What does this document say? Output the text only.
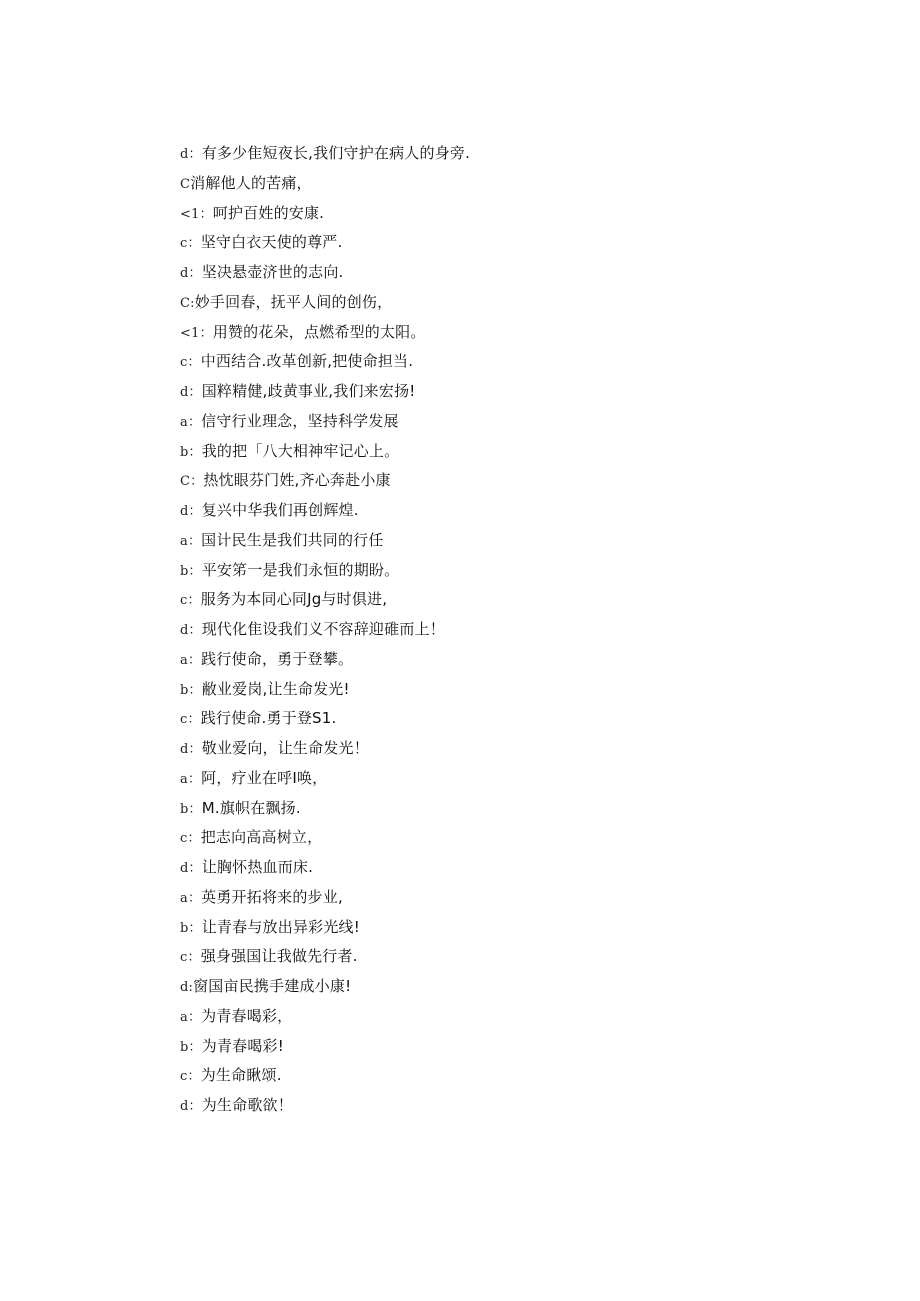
d：有多少隹短夜长,我们守护在病人的身旁.
C消解他人的苦痛，
<1：呵护百姓的安康.
c：坚守白衣天使的尊严.
d：坚决悬壶济世的志向.
C:妙手回春，抚平人间的创伤，
<1：用赞的花朵，点燃希型的太阳。
c：中西结合.改革创新,把使命担当.
d：国粹精健,歧黄事业,我们来宏扬!
a：信守行业理念，坚持科学发展
b：我的把「八大相神牢记心上。
C：热忱眼芬门姓,齐心奔赴小康
d：复兴中华我们再创辉煌.
a：国计民生是我们共同的行任
b：平安笫一是我们永恒的期盼。
c：服务为本同心同Jg与时俱进,
d：现代化隹设我们义不容辞迎碓而上！
a：践行使命，勇于登攀。
b：敝业爱岗,让生命发光!
c：践行使命.勇于登S1.
d：敬业爱向，让生命发光！
a：阿，疗业在呼I唤，
b：M.旗帜在飘扬.
c：把志向高高树立，
d：让胸怀热血而床.
a：英勇开拓将来的步业,
b：让青春与放出异彩光线!
c：强身强国让我做先行者.
d:窗国亩民携手建成小康!
a：为青春喝彩，
b：为青春喝彩!
c：为生命瞅颂.
d：为生命歌欲！
